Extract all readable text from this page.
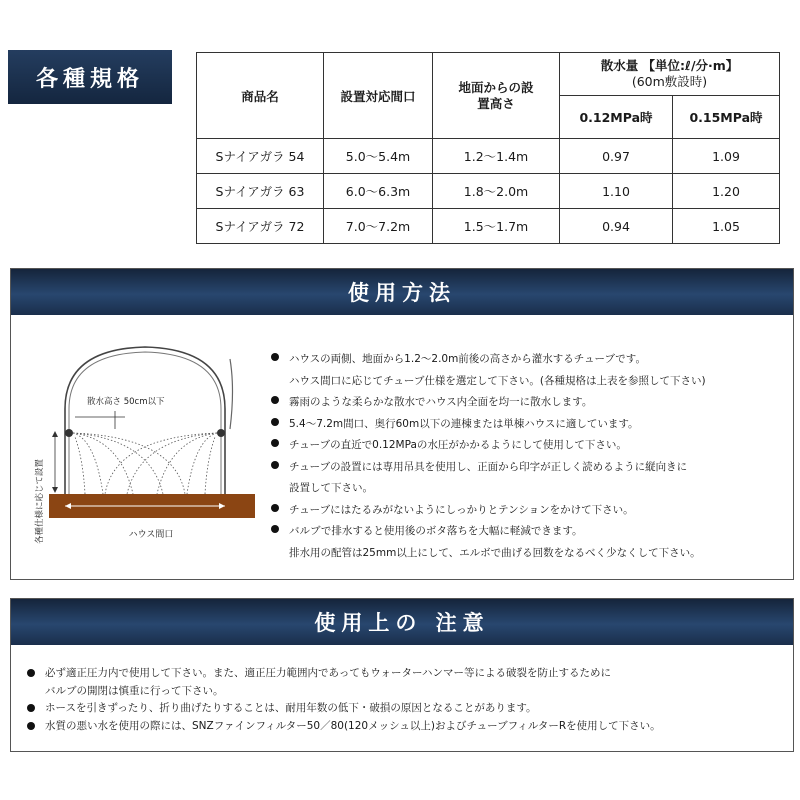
各種規格
商品名	設置対応間口	地面からの設置高さ	散水量 【単位:ℓ/分·m】
(60m敷設時)	
			0.12MPa時	0.15MPa時
Sナイアガラ 54	5.0〜5.4m	1.2〜1.4m	0.97	1.09
Sナイアガラ 63	6.0〜6.3m	1.8〜2.0m	1.10	1.20
Sナイアガラ 72	7.0〜7.2m	1.5〜1.7m	0.94	1.05
使用方法
散水高さ 50cm以下
各種仕様に応じて設置	ハウス間口
ハウスの両側、地面から1.2〜2.0m前後の高さから灌水するチューブです。
ハウス間口に応じてチューブ仕様を選定して下さい。(各種規格は上表を参照して下さい)
霧雨のような柔らかな散水でハウス内全面を均一に散水します。
5.4〜7.2m間口、奥行60m以下の連棟または単棟ハウスに適しています。
チューブの直近で0.12MPaの水圧がかかるようにして使用して下さい。
チューブの設置には専用吊具を使用し、正面から印字が正しく読めるように縦向きに
設置して下さい。
チューブにはたるみがないようにしっかりとテンションをかけて下さい。
バルブで排水すると使用後のボタ落ちを大幅に軽減できます。
排水用の配管は25mm以上にして、エルボで曲げる回数をなるべく少なくして下さい。
使用上の 注意
必ず適正圧力内で使用して下さい。また、適正圧力範囲内であってもウォーターハンマー等による破裂を防止するために
バルブの開閉は慎重に行って下さい。
ホースを引きずったり、折り曲げたりすることは、耐用年数の低下・破損の原因となることがあります。
水質の悪い水を使用の際には、SNZファインフィルター50／80(120メッシュ以上)およびチューブフィルターRを使用して下さい。
